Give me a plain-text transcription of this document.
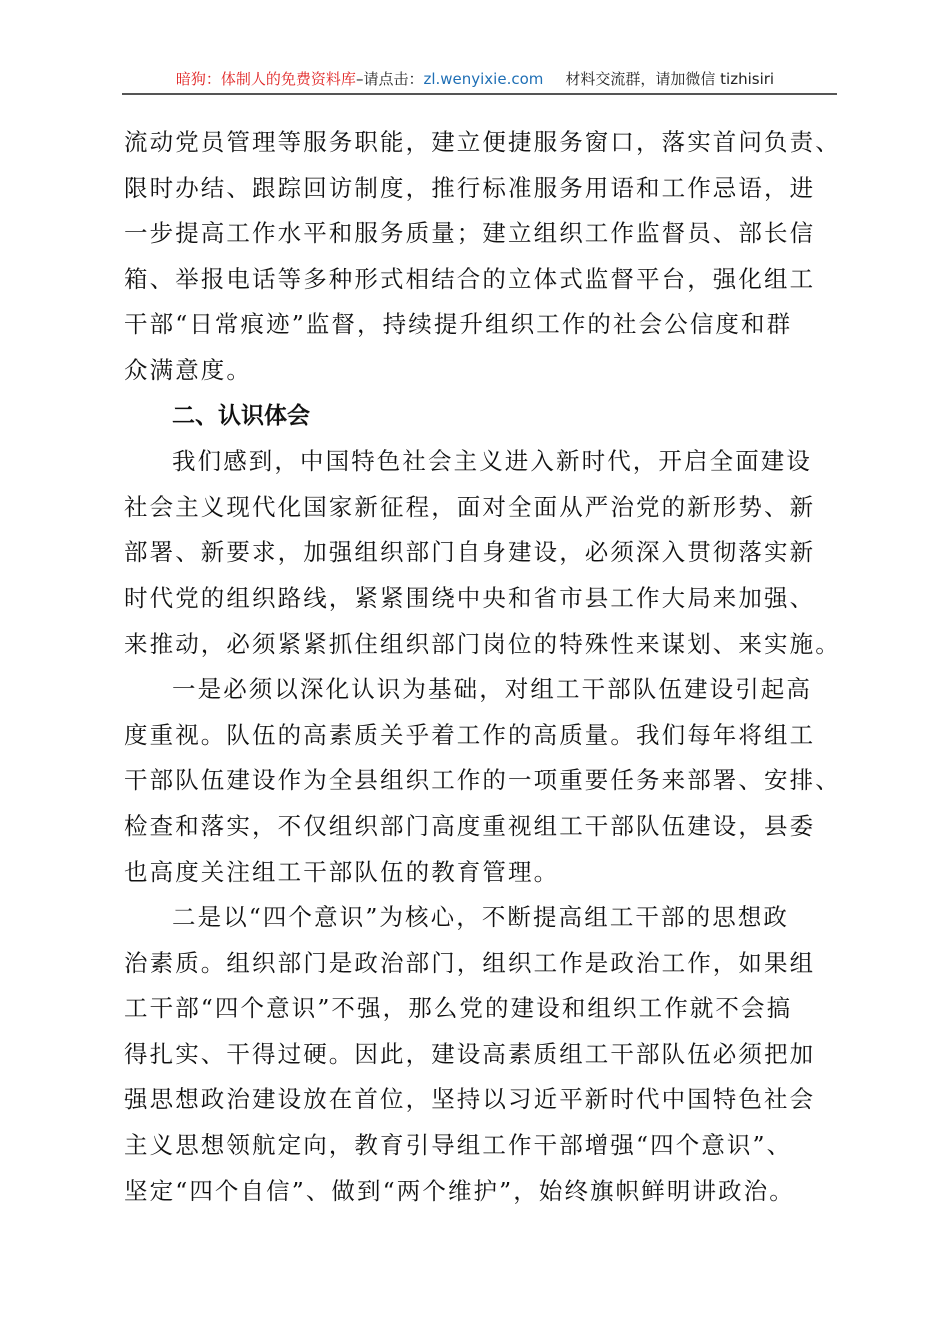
暗狗：体制人的免费资料库–请点击：zl.wenyixie.com 材料交流群，请加微信 tizhisiri
流动党员管理等服务职能，建立便捷服务窗口，落实首问负责、
限时办结、跟踪回访制度，推行标准服务用语和工作忌语，进
一步提高工作水平和服务质量；建立组织工作监督员、部长信
箱、举报电话等多种形式相结合的立体式监督平台，强化组工
干部“日常痕迹”监督，持续提升组织工作的社会公信度和群
众满意度。
二、认识体会
我们感到，中国特色社会主义进入新时代，开启全面建设
社会主义现代化国家新征程，面对全面从严治党的新形势、新
部署、新要求，加强组织部门自身建设，必须深入贯彻落实新
时代党的组织路线，紧紧围绕中央和省市县工作大局来加强、
来推动，必须紧紧抓住组织部门岗位的特殊性来谋划、来实施。
一是必须以深化认识为基础，对组工干部队伍建设引起高
度重视。队伍的高素质关乎着工作的高质量。我们每年将组工
干部队伍建设作为全县组织工作的一项重要任务来部署、安排、
检查和落实，不仅组织部门高度重视组工干部队伍建设，县委
也高度关注组工干部队伍的教育管理。
二是以“四个意识”为核心，不断提高组工干部的思想政
治素质。组织部门是政治部门，组织工作是政治工作，如果组
工干部“四个意识”不强，那么党的建设和组织工作就不会搞
得扎实、干得过硬。因此，建设高素质组工干部队伍必须把加
强思想政治建设放在首位，坚持以习近平新时代中国特色社会
主义思想领航定向，教育引导组工作干部增强“四个意识”、
坚定“四个自信”、做到“两个维护”，始终旗帜鲜明讲政治。
